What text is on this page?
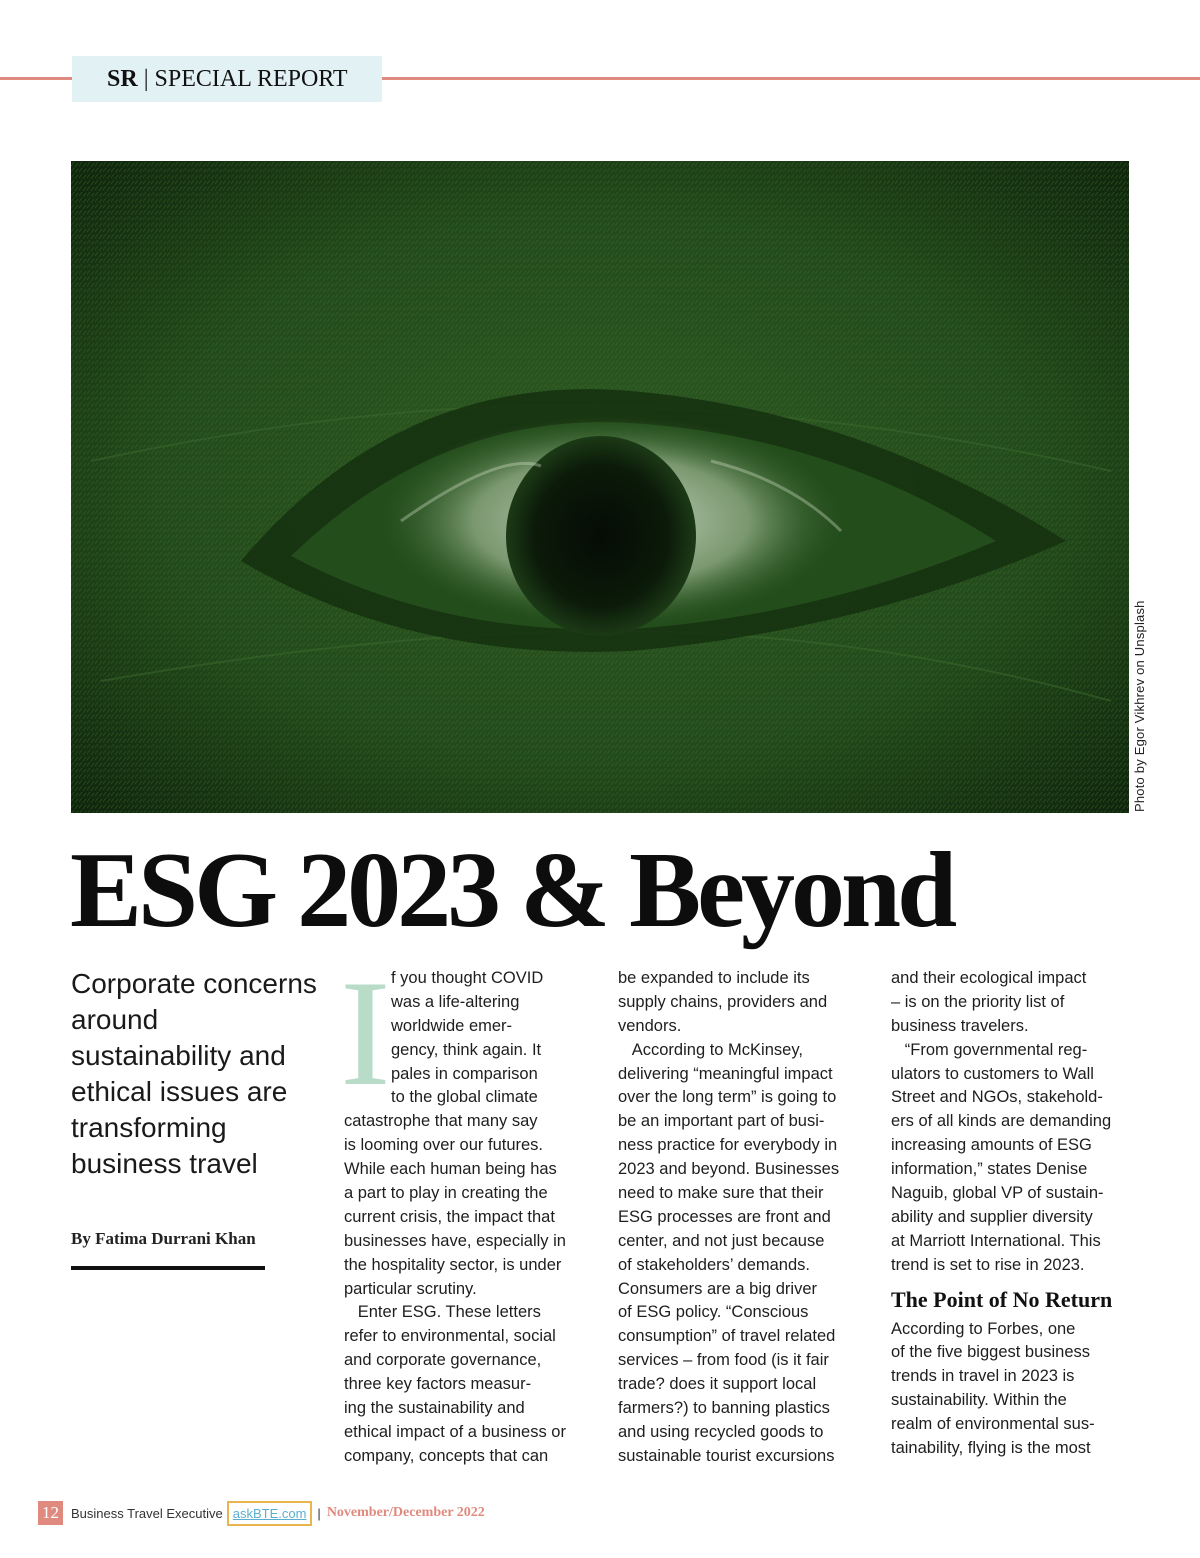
SR | SPECIAL REPORT
Photo by Egor Vikhrev on Unsplash
ESG 2023 & Beyond

Corporate concerns around sustainability and ethical issues are transforming business travel

By Fatima Durrani Khan

I f you thought COVID
was a life-altering
worldwide emer-
gency, think again. It
pales in comparison
to the global climate
catastrophe that many say
is looming over our futures.
While each human being has
a part to play in creating the
current crisis, the impact that
businesses have, especially in
the hospitality sector, is under
particular scrutiny.
Enter ESG. These letters
refer to environmental, social
and corporate governance,
three key factors measur-
ing the sustainability and
ethical impact of a business or
company, concepts that can
be expanded to include its
supply chains, providers and
vendors.
According to McKinsey,
delivering “meaningful impact
over the long term” is going to
be an important part of busi-
ness practice for everybody in
2023 and beyond. Businesses
need to make sure that their
ESG processes are front and
center, and not just because
of stakeholders’ demands.
Consumers are a big driver
of ESG policy. “Conscious
consumption” of travel related
services – from food (is it fair
trade? does it support local
farmers?) to banning plastics
and using recycled goods to
sustainable tourist excursions
and their ecological impact
– is on the priority list of
business travelers.
“From governmental reg-
ulators to customers to Wall
Street and NGOs, stakehold-
ers of all kinds are demanding
increasing amounts of ESG
information,” states Denise
Naguib, global VP of sustain-
ability and supplier diversity
at Marriott International. This
trend is set to rise in 2023.
The Point of No Return
According to Forbes, one
of the five biggest business
trends in travel in 2023 is
sustainability. Within the
realm of environmental sus-
tainability, flying is the most
12 Business Travel Executive askBTE.com | November/December 2022
